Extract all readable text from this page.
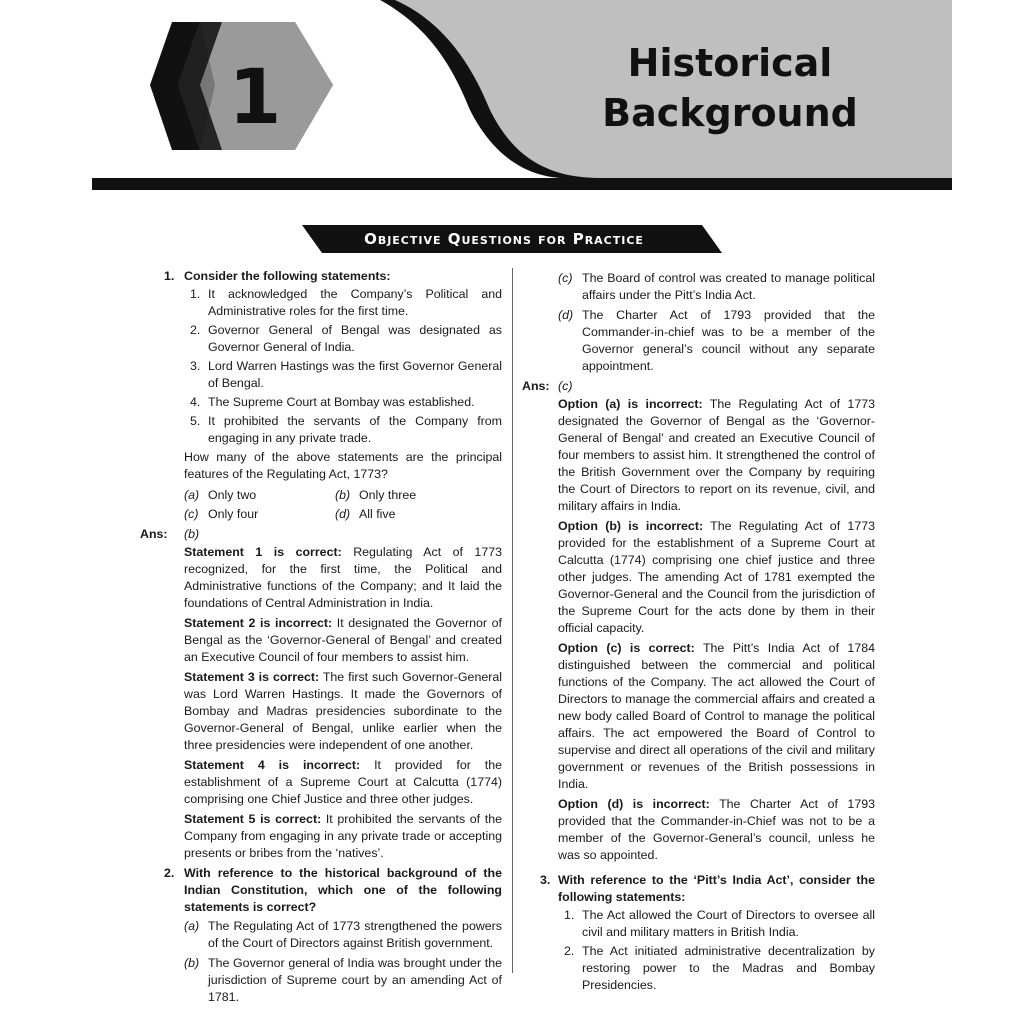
1	Historical
Background
Objective Questions for Practice
1. Consider the following statements:
1. It acknowledged the Company’s Political and Administrative roles for the first time.
2. Governor General of Bengal was designated as Governor General of India.
3. Lord Warren Hastings was the first Governor General of Bengal.
4. The Supreme Court at Bombay was established.
5. It prohibited the servants of the Company from engaging in any private trade.
How many of the above statements are the principal features of the Regulating Act, 1773?
(a) Only two	(b) Only three
(c) Only four	(d) All five
Ans: (b)

Statement 1 is correct: Regulating Act of 1773 recognized, for the first time, the Political and Administrative functions of the Company; and It laid the foundations of Central Administration in India.

Statement 2 is incorrect: It designated the Governor of Bengal as the ‘Governor-General of Bengal’ and created an Executive Council of four members to assist him.

Statement 3 is correct: The first such Governor-General was Lord Warren Hastings. It made the Governors of Bombay and Madras presidencies subordinate to the Governor-General of Bengal, unlike earlier when the three presidencies were independent of one another.

Statement 4 is incorrect: It provided for the establishment of a Supreme Court at Calcutta (1774) comprising one Chief Justice and three other judges.

Statement 5 is correct: It prohibited the servants of the Company from engaging in any private trade or accepting presents or bribes from the ‘natives’.

2. With reference to the historical background of the Indian Constitution, which one of the following statements is correct?
(a) The Regulating Act of 1773 strengthened the powers of the Court of Directors against British government.
(b) The Governor general of India was brought under the jurisdiction of Supreme court by an amending Act of 1781.
(c) The Board of control was created to manage political affairs under the Pitt’s India Act.
(d) The Charter Act of 1793 provided that the Commander-in-chief was to be a member of the Governor general’s council without any separate appointment.
Ans: (c)

Option (a) is incorrect: The Regulating Act of 1773 designated the Governor of Bengal as the ‘Governor-General of Bengal’ and created an Executive Council of four members to assist him. It strengthened the control of the British Government over the Company by requiring the Court of Directors to report on its revenue, civil, and military affairs in India.

Option (b) is incorrect: The Regulating Act of 1773 provided for the establishment of a Supreme Court at Calcutta (1774) comprising one chief justice and three other judges. The amending Act of 1781 exempted the Governor-General and the Council from the jurisdiction of the Supreme Court for the acts done by them in their official capacity.

Option (c) is correct: The Pitt’s India Act of 1784 distinguished between the commercial and political functions of the Company. The act allowed the Court of Directors to manage the commercial affairs and created a new body called Board of Control to manage the political affairs. The act empowered the Board of Control to supervise and direct all operations of the civil and military government or revenues of the British possessions in India.

Option (d) is incorrect: The Charter Act of 1793 provided that the Commander-in-Chief was not to be a member of the Governor-General’s council, unless he was so appointed.

3. With reference to the ‘Pitt’s India Act’, consider the following statements:
1. The Act allowed the Court of Directors to oversee all civil and military matters in British India.
2. The Act initiated administrative decentralization by restoring power to the Madras and Bombay Presidencies.
